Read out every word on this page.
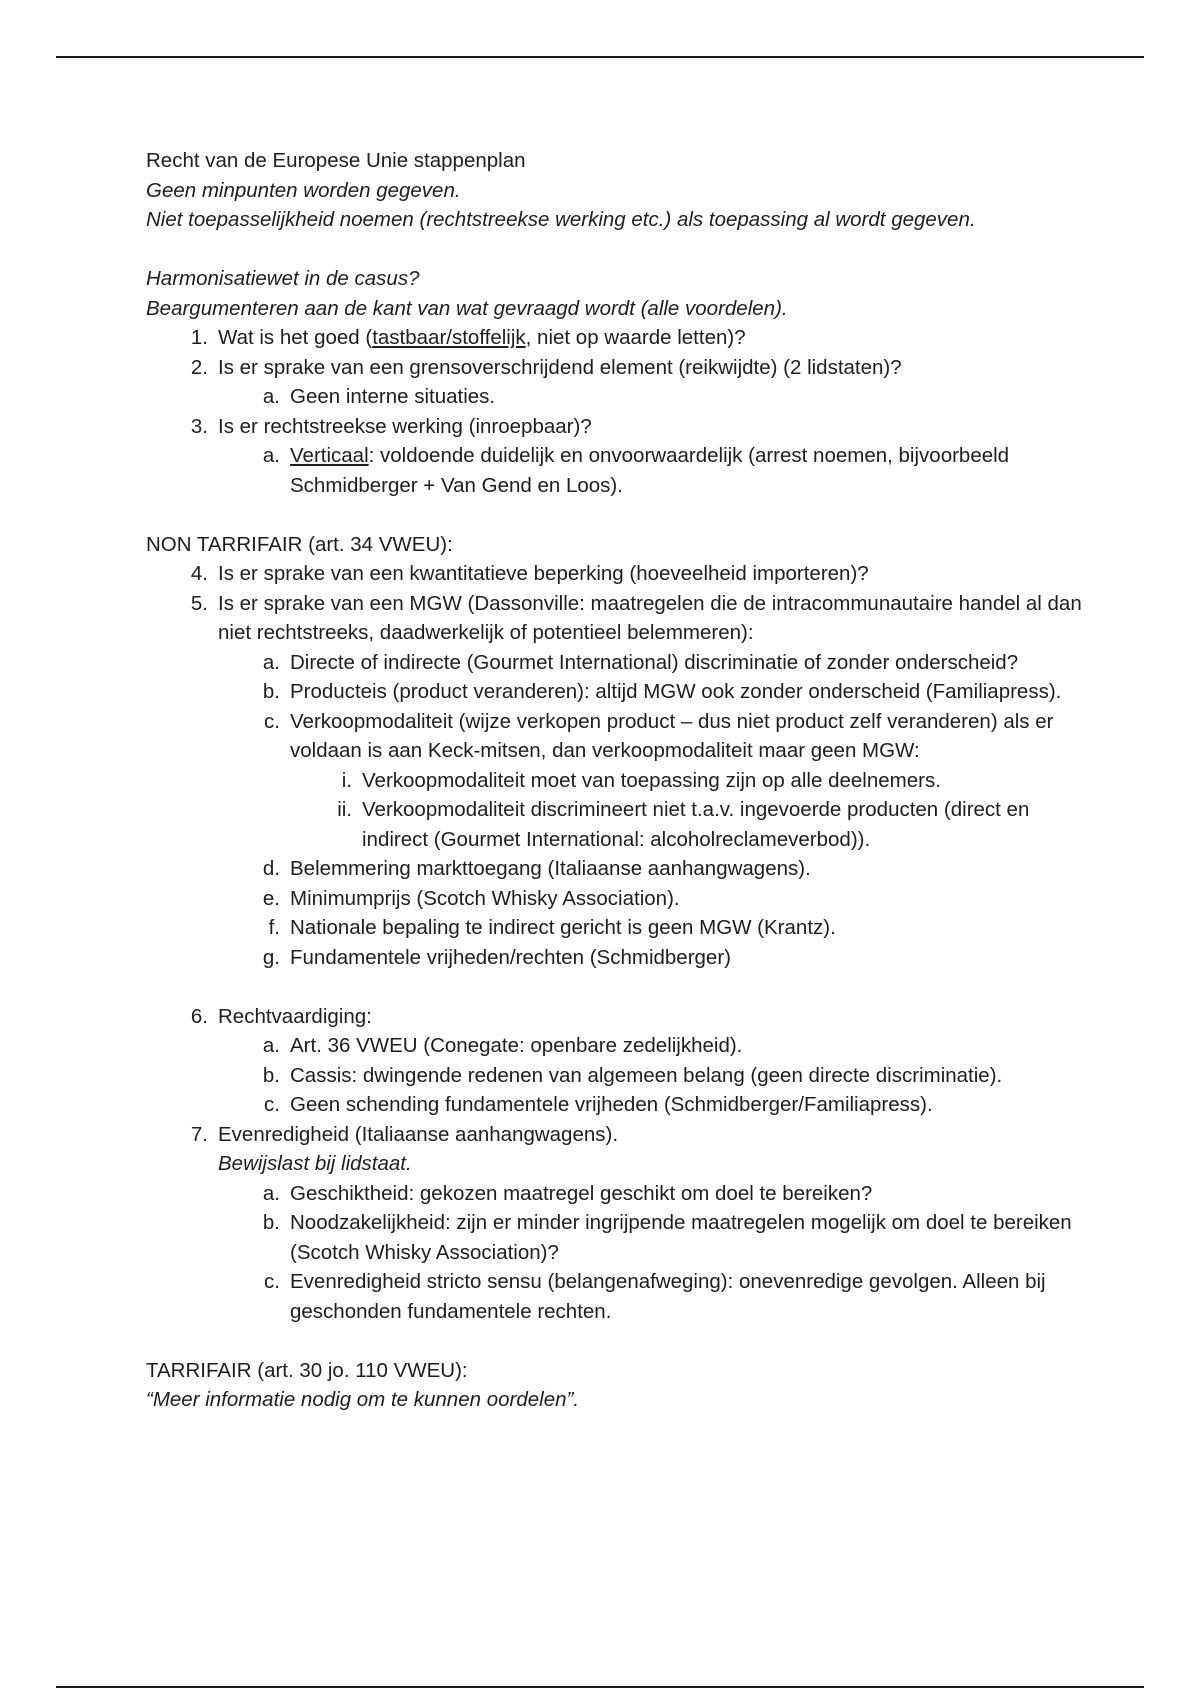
Recht van de Europese Unie stappenplan
Geen minpunten worden gegeven.
Niet toepasselijkheid noemen (rechtstreekse werking etc.) als toepassing al wordt gegeven.
Harmonisatiewet in de casus?
Beargumenteren aan de kant van wat gevraagd wordt (alle voordelen).
1. Wat is het goed (tastbaar/stoffelijk, niet op waarde letten)?
2. Is er sprake van een grensoverschrijdend element (reikwijdte) (2 lidstaten)?
a. Geen interne situaties.
3. Is er rechtstreekse werking (inroepbaar)?
a. Verticaal: voldoende duidelijk en onvoorwaardelijk (arrest noemen, bijvoorbeeld Schmidberger + Van Gend en Loos).
NON TARRIFAIR (art. 34 VWEU):
4. Is er sprake van een kwantitatieve beperking (hoeveelheid importeren)?
5. Is er sprake van een MGW (Dassonville: maatregelen die de intracommunautaire handel al dan niet rechtstreeks, daadwerkelijk of potentieel belemmeren):
a. Directe of indirecte (Gourmet International) discriminatie of zonder onderscheid?
b. Producteis (product veranderen): altijd MGW ook zonder onderscheid (Familiapress).
c. Verkoopmodaliteit (wijze verkopen product – dus niet product zelf veranderen) als er voldaan is aan Keck-mitsen, dan verkoopmodaliteit maar geen MGW:
i. Verkoopmodaliteit moet van toepassing zijn op alle deelnemers.
ii. Verkoopmodaliteit discrimineert niet t.a.v. ingevoerde producten (direct en indirect (Gourmet International: alcoholreclameverbod)).
d. Belemmering markttoegang (Italiaanse aanhangwagens).
e. Minimumprijs (Scotch Whisky Association).
f. Nationale bepaling te indirect gericht is geen MGW (Krantz).
g. Fundamentele vrijheden/rechten (Schmidberger)
6. Rechtvaardiging:
a. Art. 36 VWEU (Conegate: openbare zedelijkheid).
b. Cassis: dwingende redenen van algemeen belang (geen directe discriminatie).
c. Geen schending fundamentele vrijheden (Schmidberger/Familiapress).
7. Evenredigheid (Italiaanse aanhangwagens).
Bewijslast bij lidstaat.
a. Geschiktheid: gekozen maatregel geschikt om doel te bereiken?
b. Noodzakelijkheid: zijn er minder ingrijpende maatregelen mogelijk om doel te bereiken (Scotch Whisky Association)?
c. Evenredigheid stricto sensu (belangenafweging): onevenredige gevolgen. Alleen bij geschonden fundamentele rechten.
TARRIFAIR (art. 30 jo. 110 VWEU):
“Meer informatie nodig om te kunnen oordelen”.
